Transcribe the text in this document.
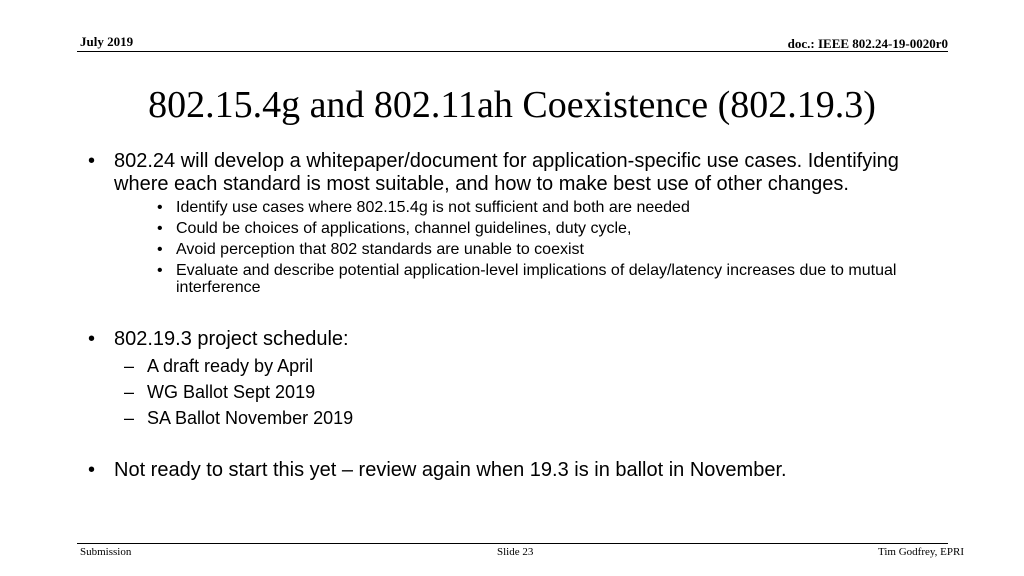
July 2019	doc.: IEEE 802.24-19-0020r0
802.15.4g and 802.11ah Coexistence (802.19.3)
• 802.24 will develop a whitepaper/document for application-specific use cases. Identifying where each standard is most suitable, and how to make best use of other changes.
• Identify use cases where 802.15.4g is not sufficient and both are needed
• Could be choices of applications, channel guidelines, duty cycle,
• Avoid perception that 802 standards are unable to coexist
• Evaluate and describe potential application-level implications of delay/latency increases due to mutual interference
• 802.19.3 project schedule:
– A draft ready by April
– WG Ballot Sept 2019
– SA Ballot November 2019
• Not ready to start this yet – review again when 19.3 is in ballot in November.
Submission	Slide 23	Tim Godfrey, EPRI
